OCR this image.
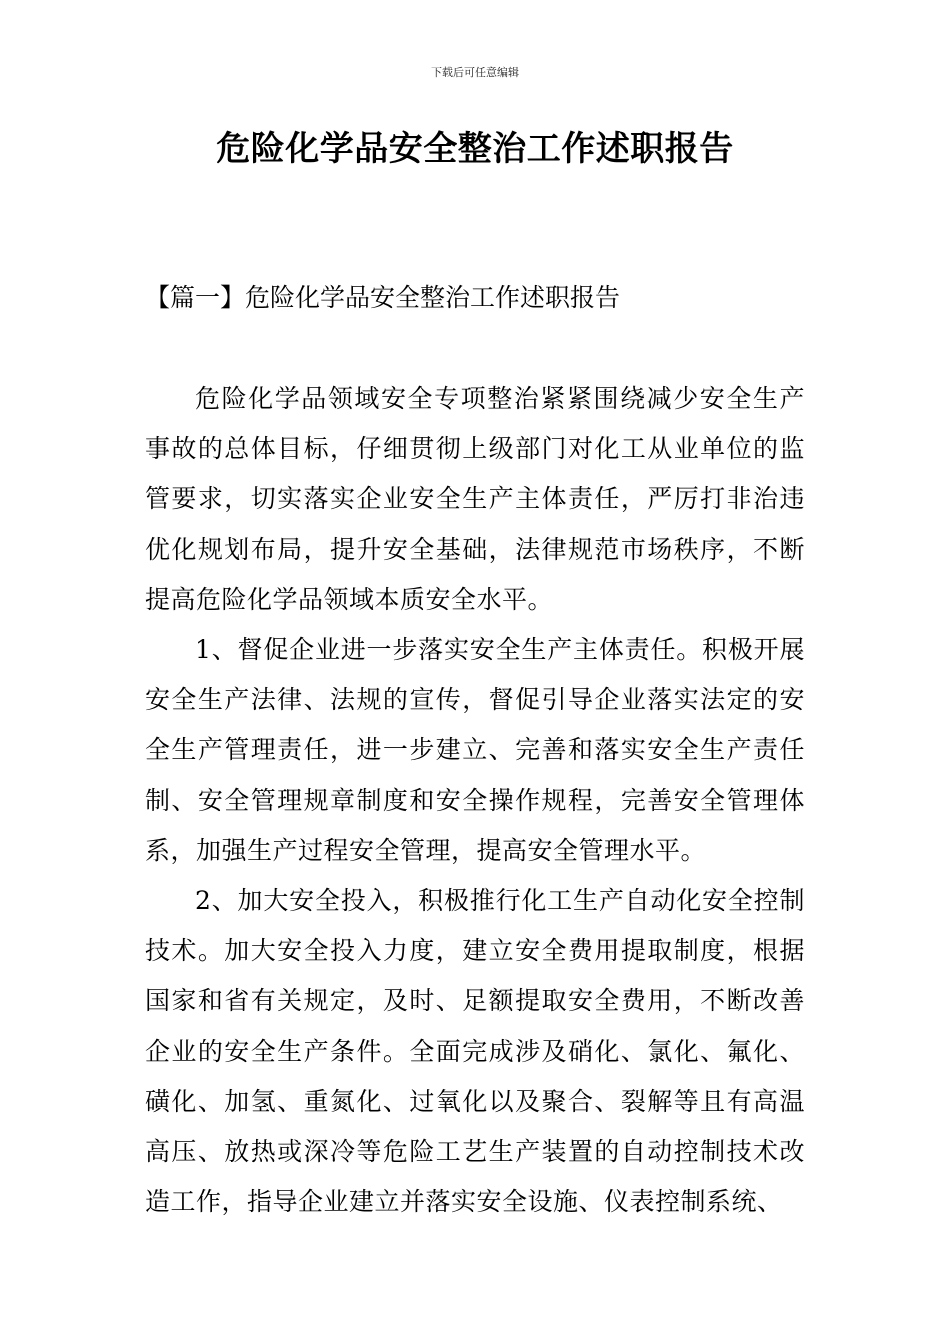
下载后可任意编辑
危险化学品安全整治工作述职报告
【篇一】危险化学品安全整治工作述职报告

危险化学品领域安全专项整治紧紧围绕减少安全生产事故的总体目标，仔细贯彻上级部门对化工从业单位的监管要求，切实落实企业安全生产主体责任，严厉打非治违优化规划布局，提升安全基础，法律规范市场秩序，不断提高危险化学品领域本质安全水平。

1、督促企业进一步落实安全生产主体责任。积极开展安全生产法律、法规的宣传，督促引导企业落实法定的安全生产管理责任，进一步建立、完善和落实安全生产责任制、安全管理规章制度和安全操作规程，完善安全管理体系，加强生产过程安全管理，提高安全管理水平。

2、加大安全投入，积极推行化工生产自动化安全控制技术。加大安全投入力度，建立安全费用提取制度，根据国家和省有关规定，及时、足额提取安全费用，不断改善企业的安全生产条件。全面完成涉及硝化、氯化、氟化、磺化、加氢、重氮化、过氧化以及聚合、裂解等且有高温高压、放热或深冷等危险工艺生产装置的自动控制技术改造工作，指导企业建立并落实安全设施、仪表控制系统、
